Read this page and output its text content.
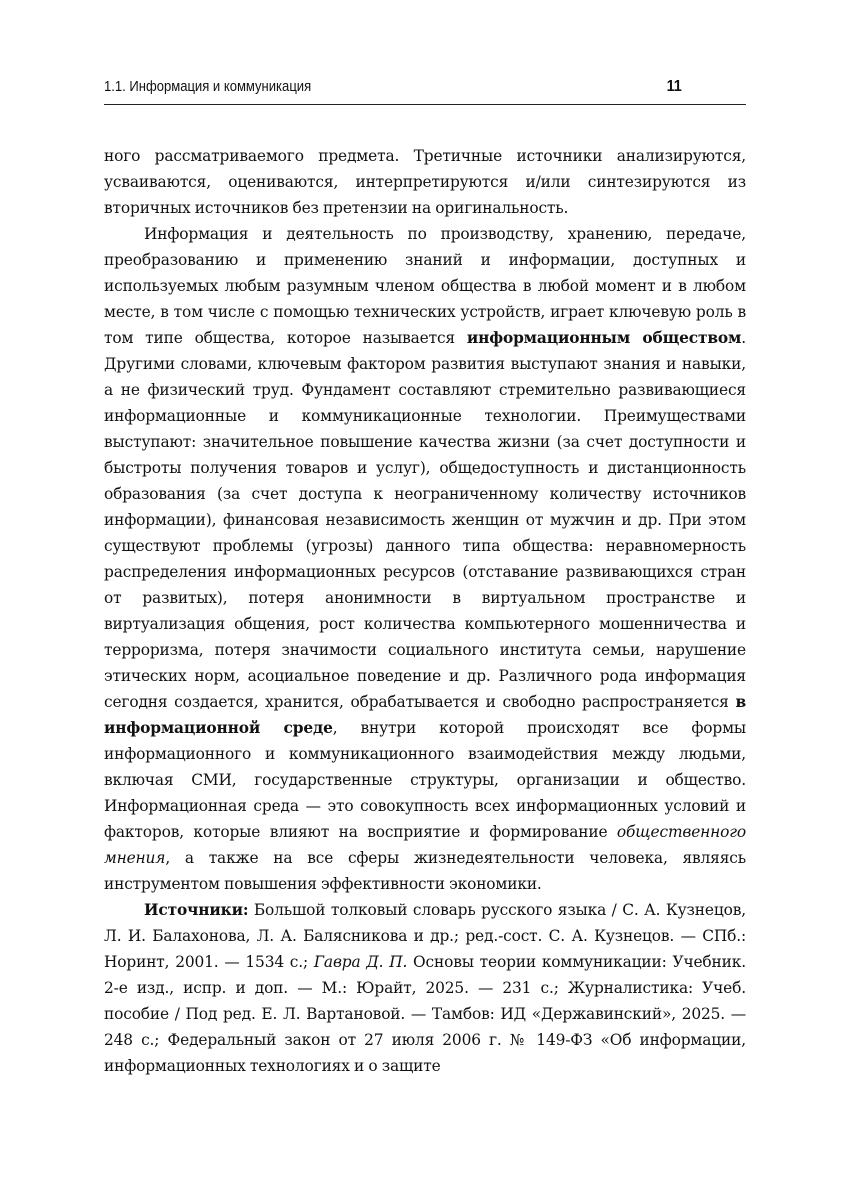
1.1. Информация и коммуникация	11

ного рассматриваемого предмета. Третичные источники анализируются, усваиваются, оцениваются, интерпретируются и/или синтезируются из вторичных источников без претензии на оригинальность.

Информация и деятельность по производству, хранению, передаче, преобразованию и применению знаний и информации, доступных и используемых любым разумным членом общества в любой момент и в любом месте, в том числе с помощью технических устройств, играет ключевую роль в том типе общества, которое называется информационным обществом. Другими словами, ключевым фактором развития выступают знания и навыки, а не физический труд. Фундамент составляют стремительно развивающиеся информационные и коммуникационные технологии. Преимуществами выступают: значительное повышение качества жизни (за счет доступности и быстроты получения товаров и услуг), общедоступность и дистанционность образования (за счет доступа к неограниченному количеству источников информации), финансовая независимость женщин от мужчин и др. При этом существуют проблемы (угрозы) данного типа общества: неравномерность распределения информационных ресурсов (отставание развивающихся стран от развитых), потеря анонимности в виртуальном пространстве и виртуализация общения, рост количества компьютерного мошенничества и терроризма, потеря значимости социального института семьи, нарушение этических норм, асоциальное поведение и др. Различного рода информация сегодня создается, хранится, обрабатывается и свободно распространяется в информационной среде, внутри которой происходят все формы информационного и коммуникационного взаимодействия между людьми, включая СМИ, государственные структуры, организации и общество. Информационная среда — это совокупность всех информационных условий и факторов, которые влияют на восприятие и формирование общественного мнения, а также на все сферы жизнедеятельности человека, являясь инструментом повышения эффективности экономики.

Источники: Большой толковый словарь русского языка / С. А. Кузнецов, Л. И. Балахонова, Л. А. Балясникова и др.; ред.-сост. С. А. Кузнецов. — СПб.: Норинт, 2001. — 1534 с.; Гавра Д. П. Основы теории коммуникации: Учебник. 2-е изд., испр. и доп. — М.: Юрайт, 2025. — 231 с.; Журналистика: Учеб. пособие / Под ред. Е. Л. Вартановой. — Тамбов: ИД «Державинский», 2025. — 248 с.; Федеральный закон от 27 июля 2006 г. № 149-ФЗ «Об информации, информационных технологиях и о защите
